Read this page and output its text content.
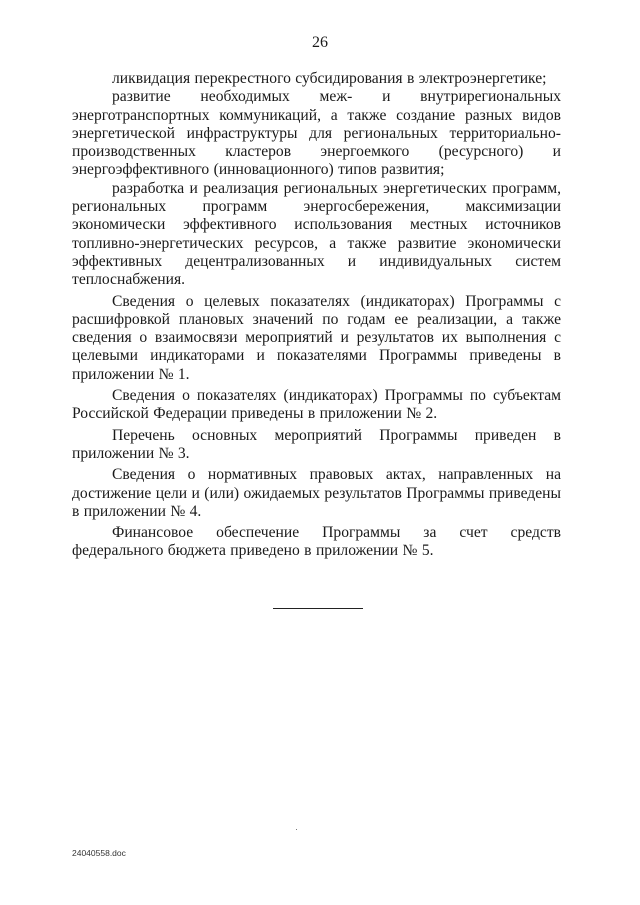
26

ликвидация перекрестного субсидирования в электроэнергетике;

развитие необходимых меж- и внутрирегиональных энерготранспортных коммуникаций, а также создание разных видов энергетической инфраструктуры для региональных территориально-производственных кластеров энергоемкого (ресурсного) и энергоэффективного (инновационного) типов развития;

разработка и реализация региональных энергетических программ, региональных программ энергосбережения, максимизации экономически эффективного использования местных источников топливно-энергетических ресурсов, а также развитие экономически эффективных децентрализованных и индивидуальных систем теплоснабжения.

Сведения о целевых показателях (индикаторах) Программы с расшифровкой плановых значений по годам ее реализации, а также сведения о взаимосвязи мероприятий и результатов их выполнения с целевыми индикаторами и показателями Программы приведены в приложении № 1.

Сведения о показателях (индикаторах) Программы по субъектам Российской Федерации приведены в приложении № 2.

Перечень основных мероприятий Программы приведен в приложении № 3.

Сведения о нормативных правовых актах, направленных на достижение цели и (или) ожидаемых результатов Программы приведены в приложении № 4.

Финансовое обеспечение Программы за счет средств федерального бюджета приведено в приложении № 5.

24040558.doc
